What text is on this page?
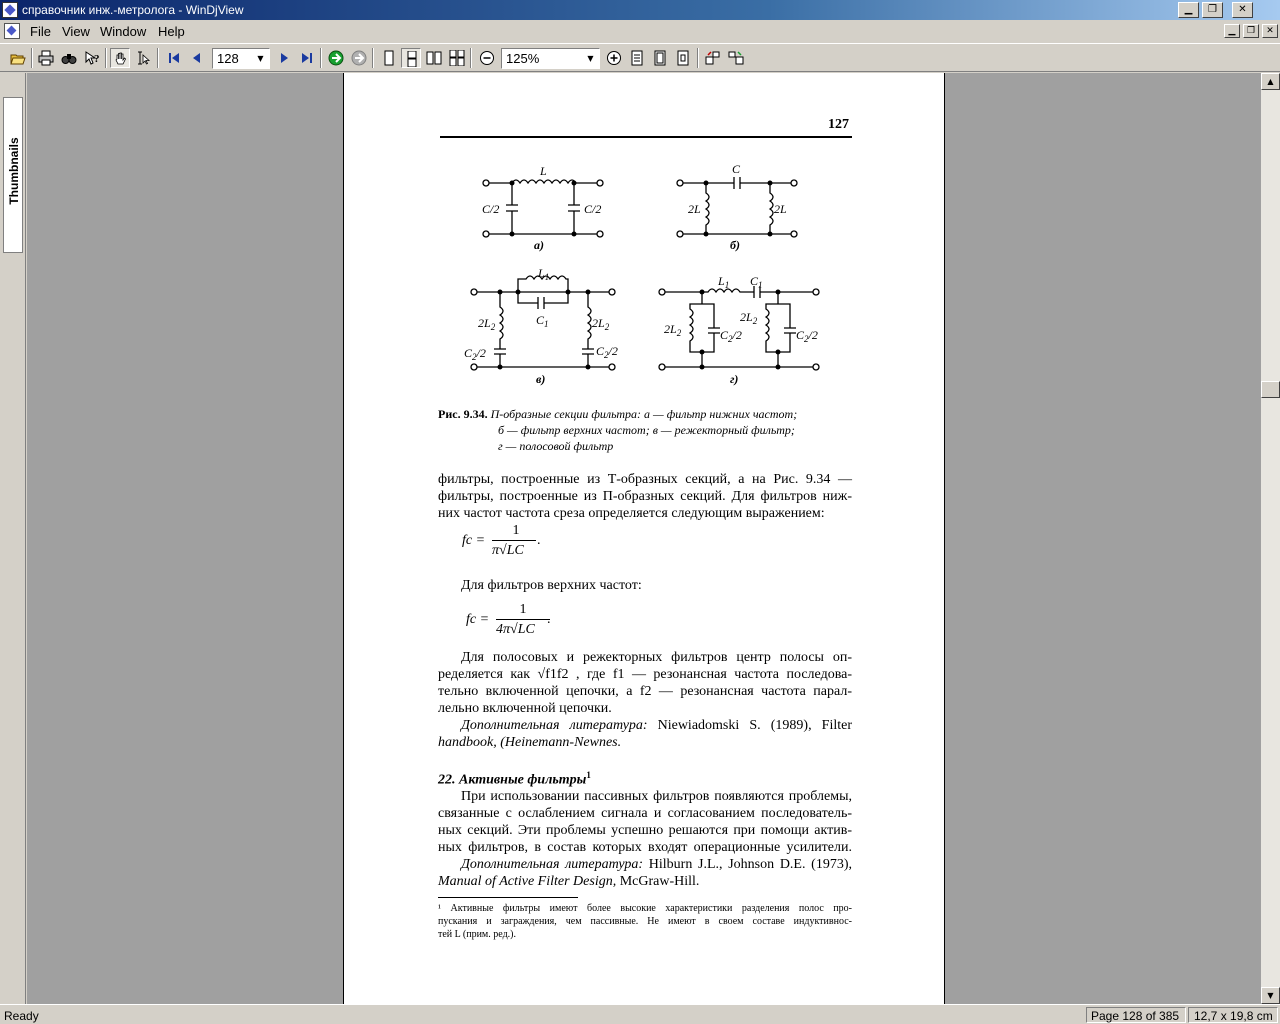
справочник инж.-метролога - WinDjView	▁	❐	✕
File View Window Help	▁	❐	✕
?	128	▼	125%	▼
Thumbnails
127
L
C/2	C/2
а)
C
2L	2L
б)
$L_1$
$C_1$
$2L_2$	$2L_2$
$C_2/2$	$C_2/2$
в)
$L_1$ $C_1$
$2L_2$	$C_2/2$
$2L_2$
$C_2/2$
г)
Рис. 9.34. П-образные секции фильтра: а — фильтр нижних частот;
б — фильтр верхних частот; в — режекторный фильтр;
г — полосовой фильтр
фильтры, построенные из Т-образных секций, а на Рис. 9.34 —
фильтры, построенные из П-образных секций. Для фильтров ниж-
них частот частота среза определяется следующим выражением:
fc =
1
π√LC
.
Для фильтров верхних частот:
fc =
1
4π√LC
.
Для полосовых и режекторных фильтров центр полосы оп-
ределяется как √f1f2 , где f1 — резонансная частота последова-
тельно включенной цепочки, а f2 — резонансная частота парал-
лельно включенной цепочки.
Дополнительная литература: Niewiadomski S. (1989), Filter
handbook, (Heinemann-Newnes.
22. Активные фильтры$^1$
При использовании пассивных фильтров появляются проблемы,
связанные с ослаблением сигнала и согласованием последователь-
ных секций. Эти проблемы успешно решаются при помощи актив-
ных фильтров, в состав которых входят операционные усилители.
Дополнительная литература: Hilburn J.L., Johnson D.E. (1973),
Manual of Active Filter Design, McGraw-Hill.
¹ Активные фильтры имеют более высокие характеристики разделения полос про-
пускания и заграждения, чем пассивные. Не имеют в своем составе индуктивнос-
тей L (прим. ред.).
▲
▼
Ready	Page 128 of 385 12,7 x 19,8 cm
